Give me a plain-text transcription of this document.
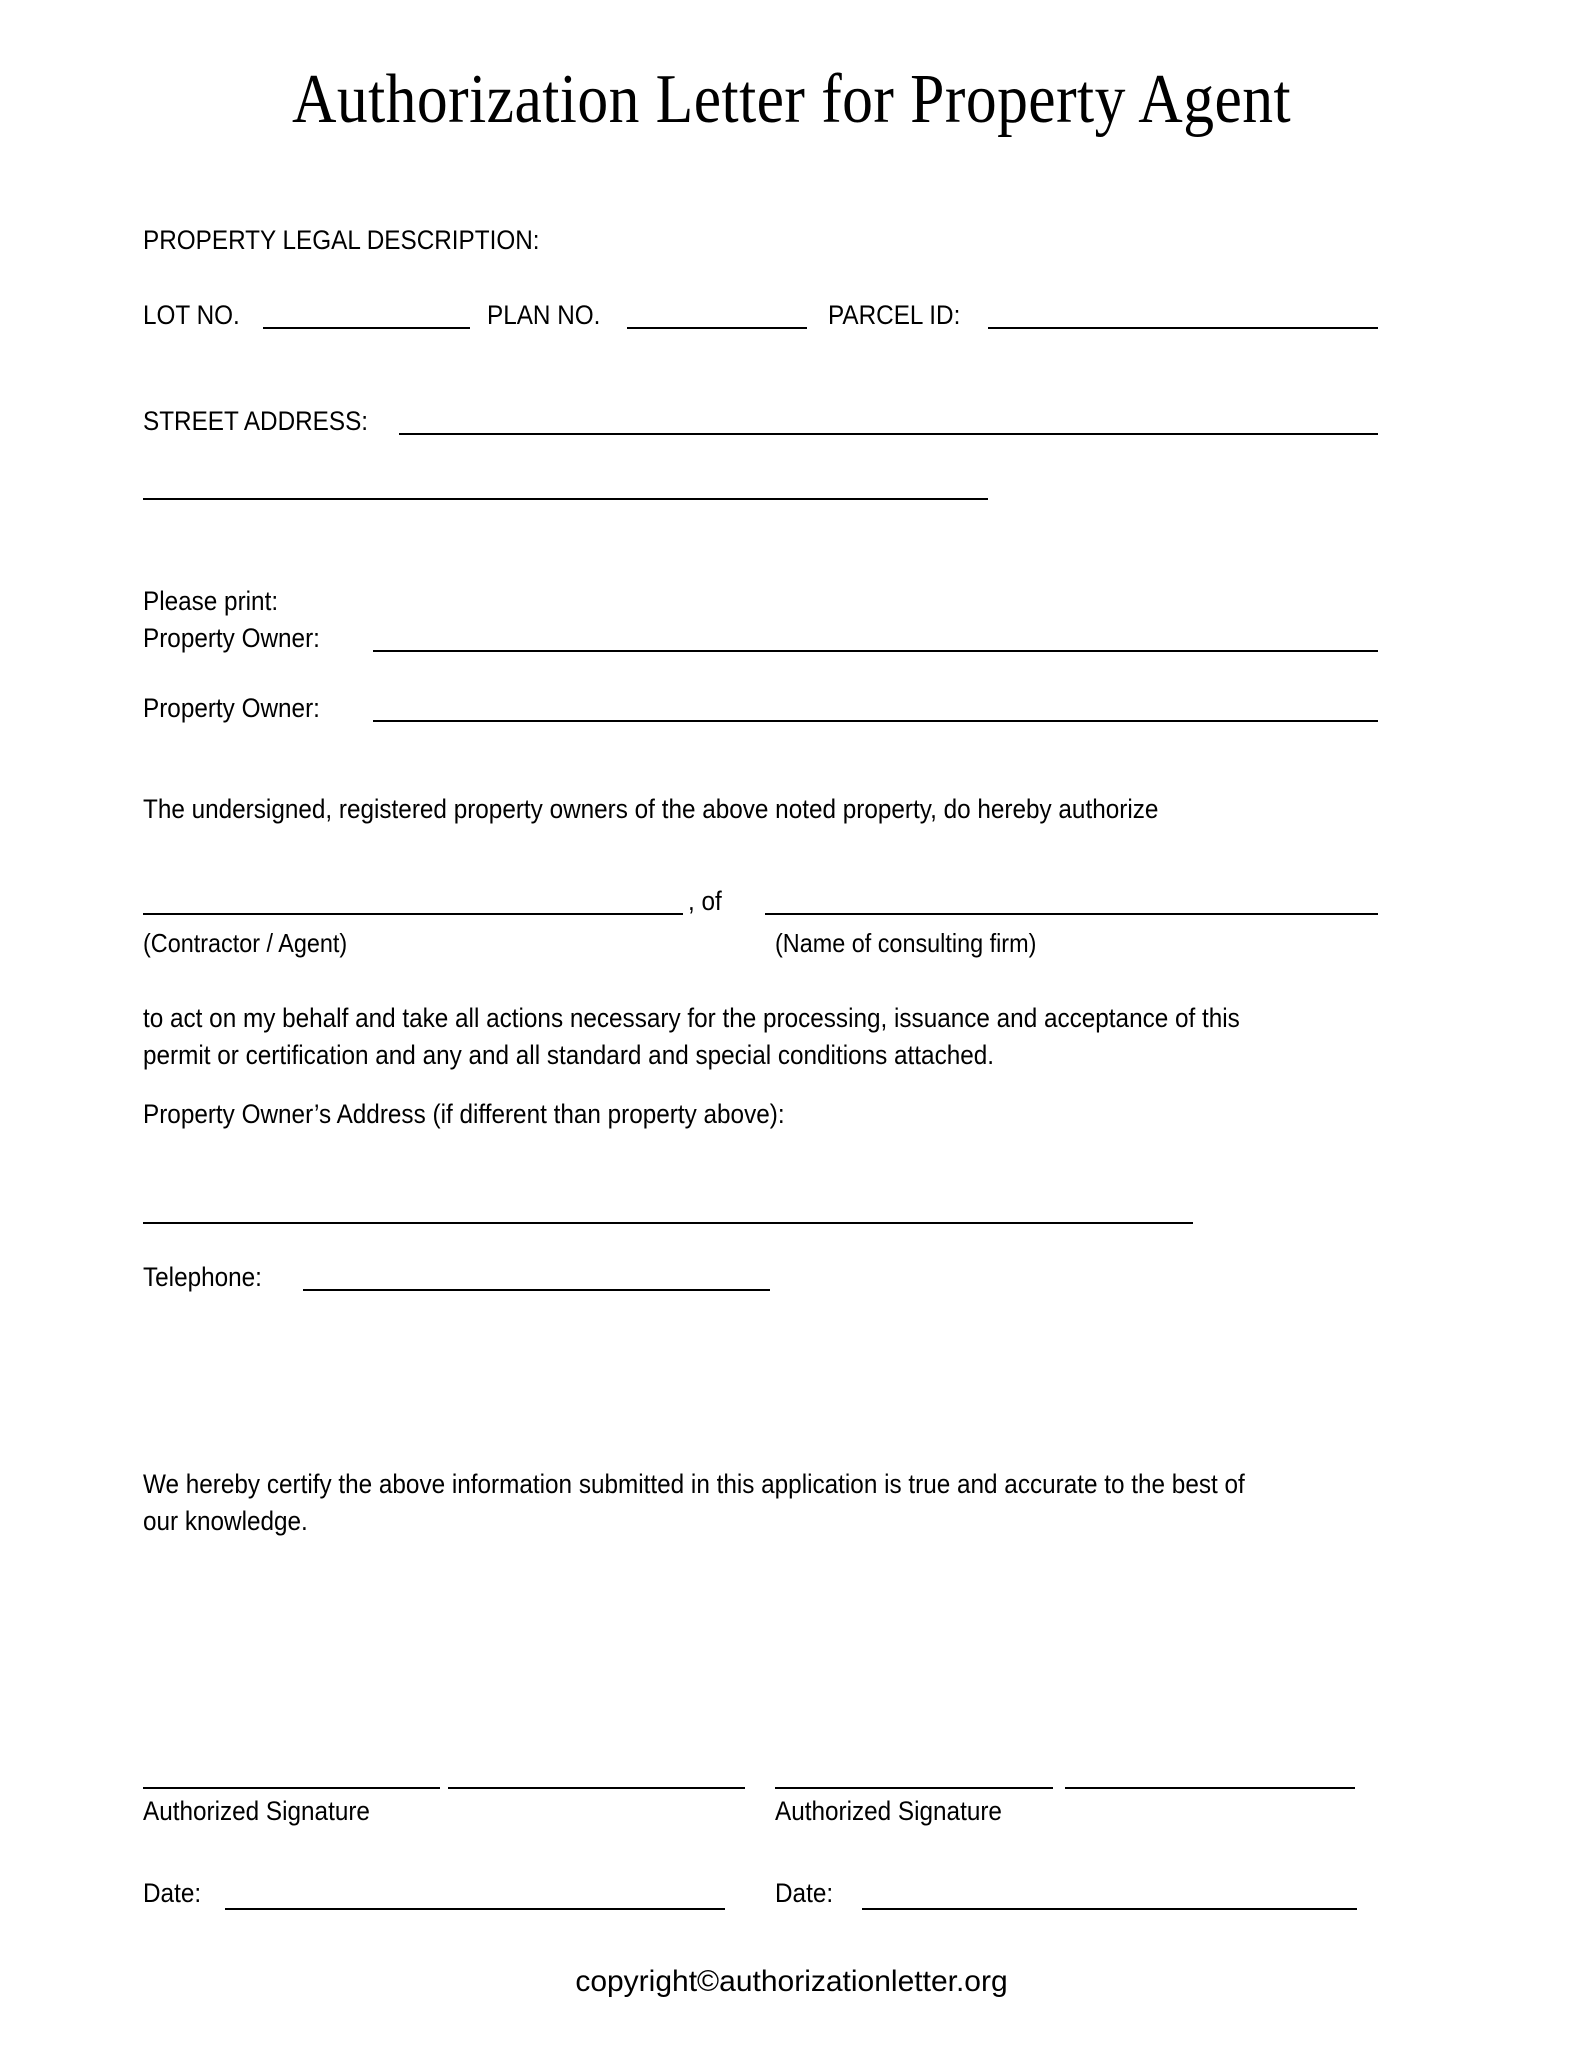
Authorization Letter for Property Agent
PROPERTY LEGAL DESCRIPTION:
LOT NO.	PLAN NO.	PARCEL ID:
STREET ADDRESS:
Please print:
Property Owner:
Property Owner:
The undersigned, registered property owners of the above noted property, do hereby authorize
, of
(Contractor / Agent)	(Name of consulting firm)
to act on my behalf and take all actions necessary for the processing, issuance and acceptance of this permit or certification and any and all standard and special conditions attached.
Property Owner’s Address (if different than property above):
Telephone:
We hereby certify the above information submitted in this application is true and accurate to the best of our knowledge.
Authorized Signature	Authorized Signature
Date:	Date:
copyright©authorizationletter.org
